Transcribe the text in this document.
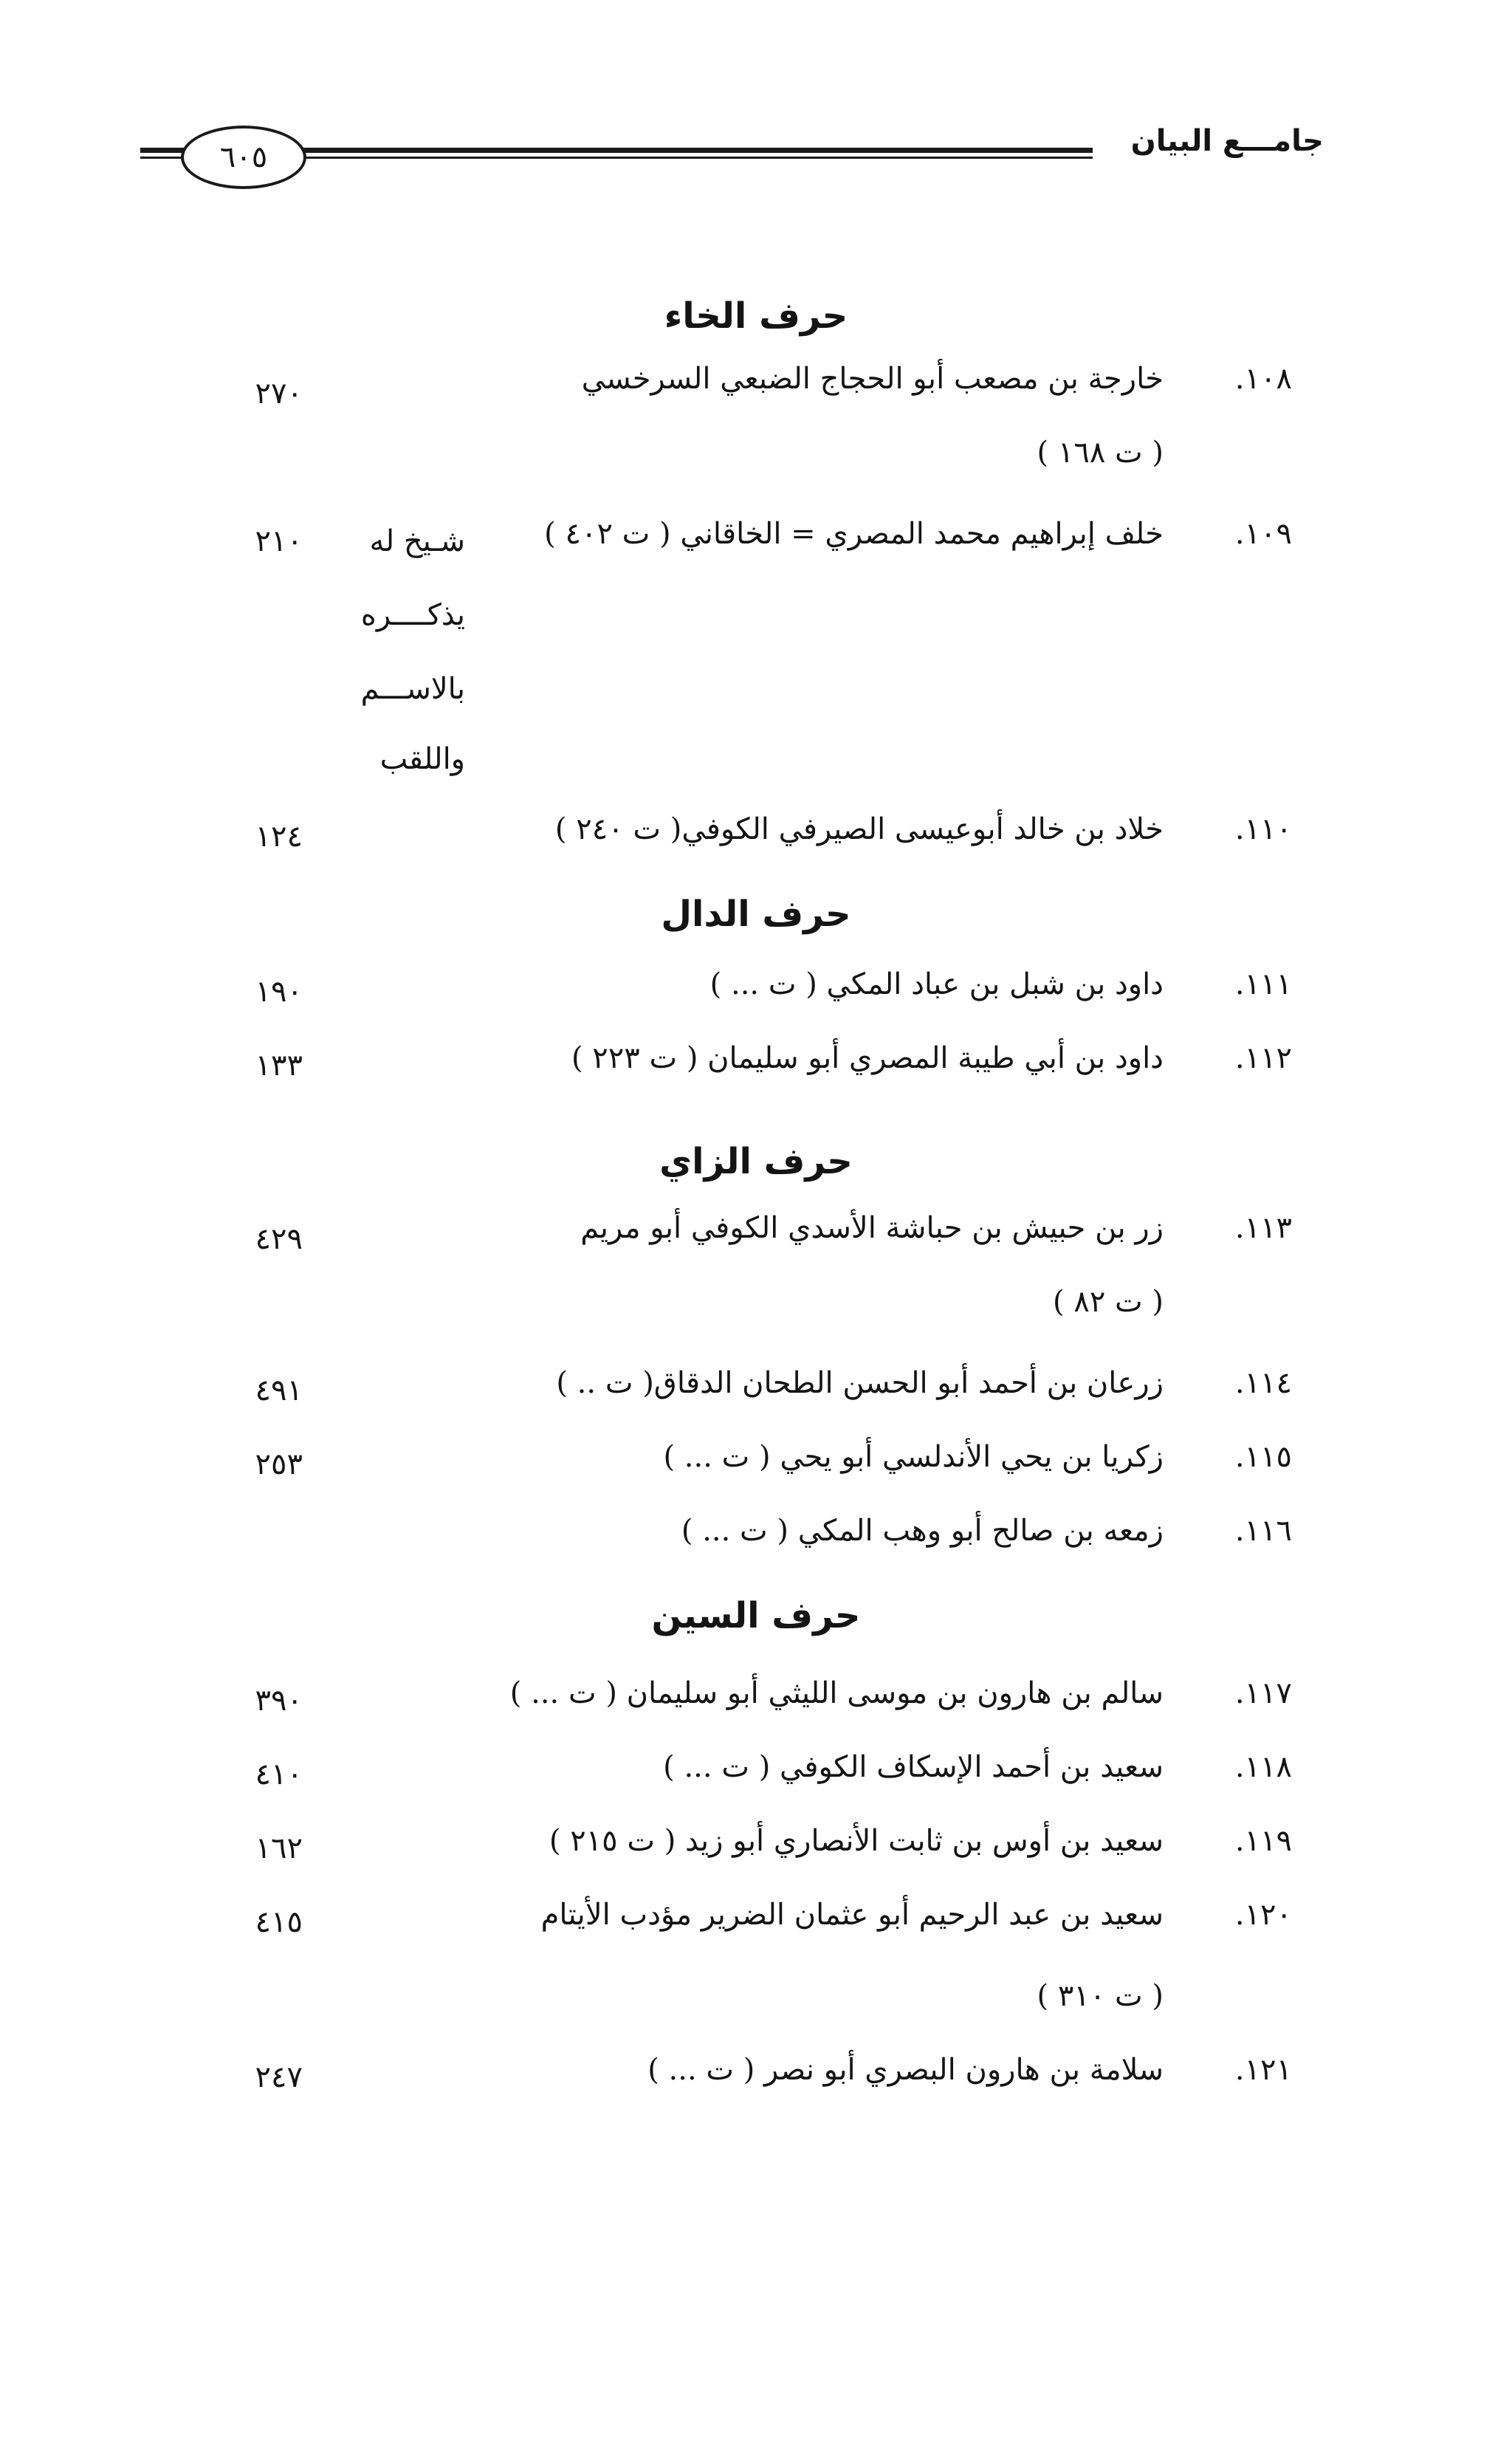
٦٠٥	جامـــع البيان
حرف الخاء
١٠٨.
خارجة بن مصعب أبو الحجاج الضبعي السرخسي
٢٧٠
( ت ١٦٨ )
١٠٩.
خلف إبراهيم محمد المصري = الخاقاني ( ت ٤٠٢ )
٢١٠	شـيخ له
يذكــــره
بالاســـم
واللقب
١١٠.
خلاد بن خالد أبوعيسى الصيرفي الكوفي( ت ٢٤٠ )
١٢٤
حرف الدال
١١١.
داود بن شبل بن عباد المكي ( ت ... )
١٩٠
١١٢.
داود بن أبي طيبة المصري أبو سليمان ( ت ٢٢٣ )
١٣٣
حرف الزاي
١١٣.
زر بن حبيش بن حباشة الأسدي الكوفي أبو مريم
٤٢٩
( ت ٨٢ )
١١٤.
زرعان بن أحمد أبو الحسن الطحان الدقاق( ت .. )
٤٩١
١١٥.
زكريا بن يحي الأندلسي أبو يحي ( ت ... )
٢٥٣
١١٦.
زمعه بن صالح أبو وهب المكي ( ت ... )
حرف السين
١١٧.
سالم بن هارون بن موسى الليثي أبو سليمان ( ت ... )
٣٩٠
١١٨.
سعيد بن أحمد الإسكاف الكوفي ( ت ... )
٤١٠
١١٩.
سعيد بن أوس بن ثابت الأنصاري أبو زيد ( ت ٢١٥ )
١٦٢
١٢٠.
سعيد بن عبد الرحيم أبو عثمان الضرير مؤدب الأيتام
٤١٥
( ت ٣١٠ )
١٢١.
سلامة بن هارون البصري أبو نصر ( ت ... )
٢٤٧
